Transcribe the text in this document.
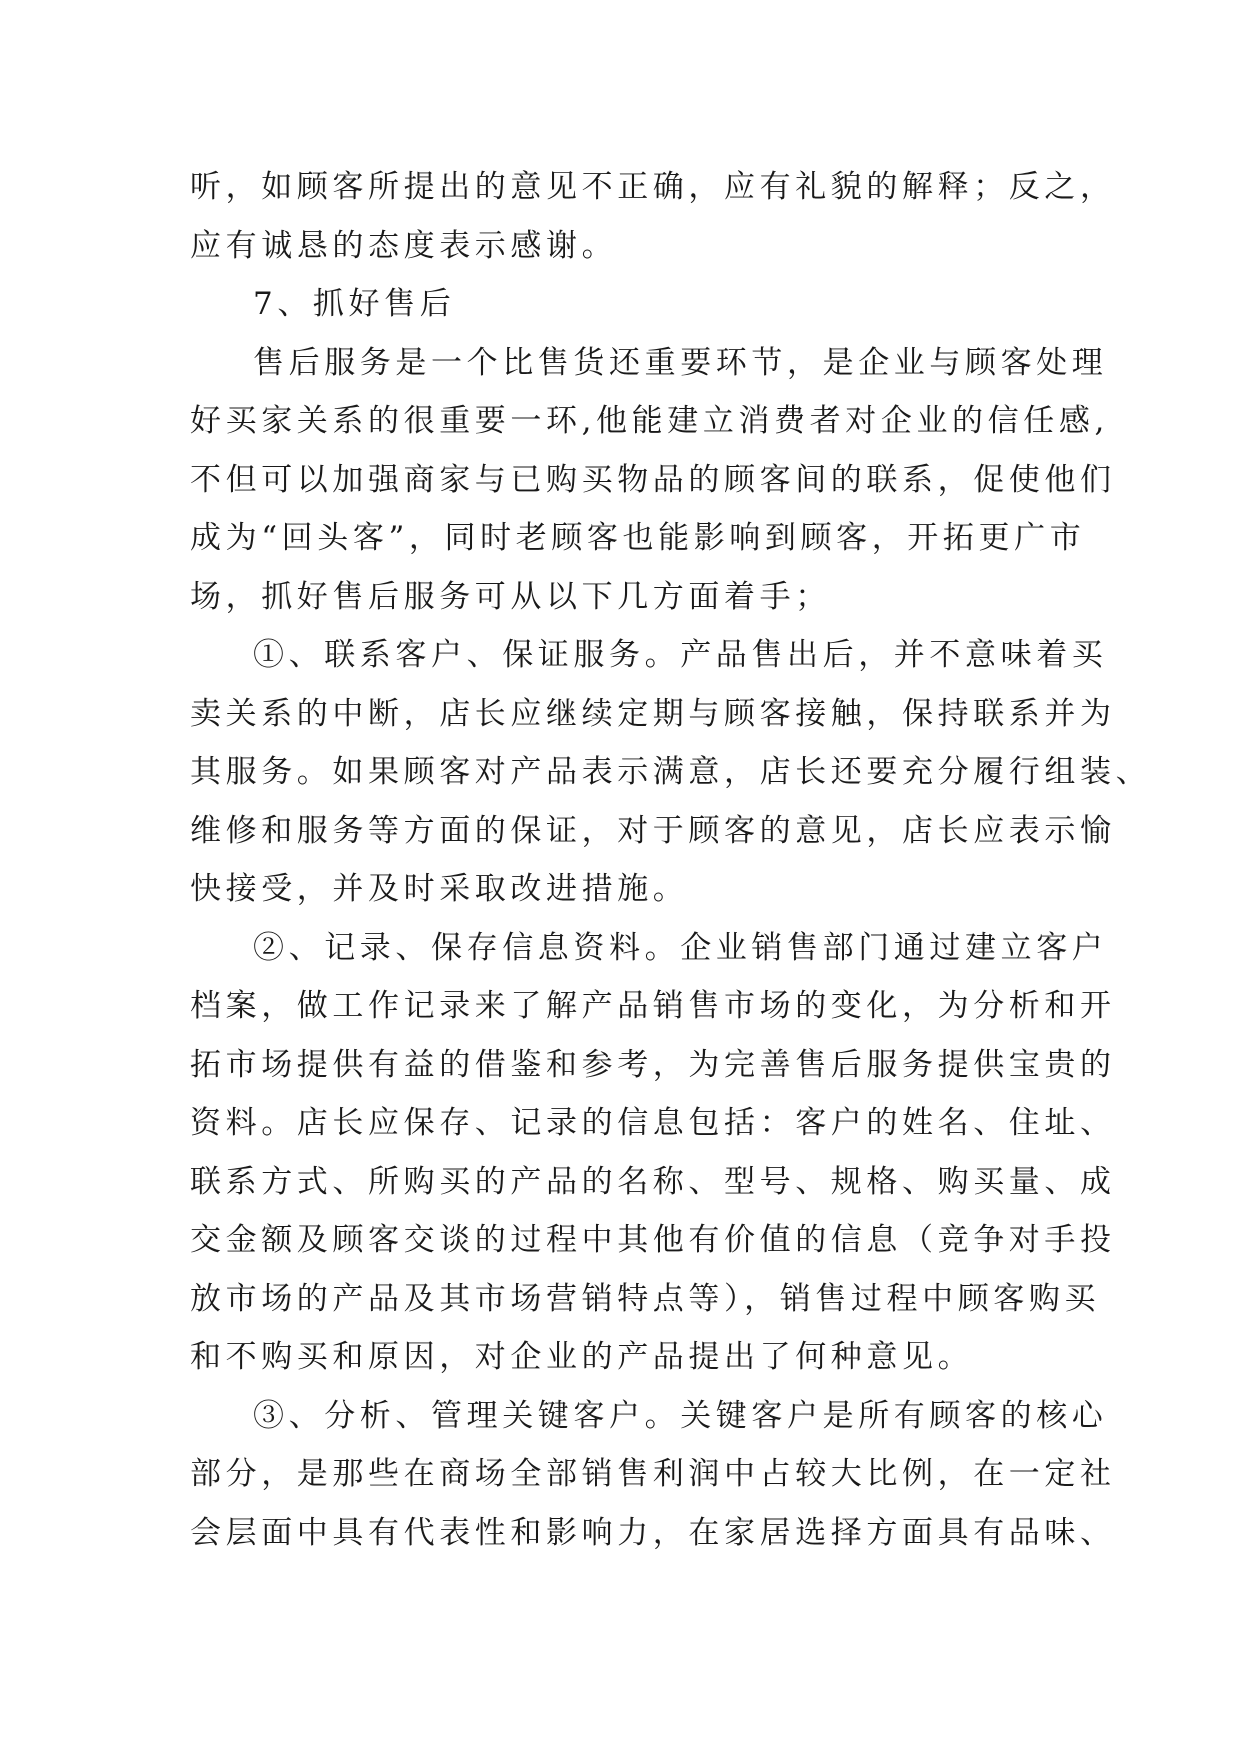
听，如顾客所提出的意见不正确，应有礼貌的解释；反之，
应有诚恳的态度表示感谢。
7、抓好售后
售后服务是一个比售货还重要环节，是企业与顾客处理
好买家关系的很重要一环,他能建立消费者对企业的信任感,
不但可以加强商家与已购买物品的顾客间的联系，促使他们
成为“回头客”，同时老顾客也能影响到顾客，开拓更广市
场，抓好售后服务可从以下几方面着手；
①、联系客户、保证服务。产品售出后，并不意味着买
卖关系的中断，店长应继续定期与顾客接触，保持联系并为
其服务。如果顾客对产品表示满意，店长还要充分履行组装、
维修和服务等方面的保证，对于顾客的意见，店长应表示愉
快接受，并及时采取改进措施。
②、记录、保存信息资料。企业销售部门通过建立客户
档案，做工作记录来了解产品销售市场的变化，为分析和开
拓市场提供有益的借鉴和参考，为完善售后服务提供宝贵的
资料。店长应保存、记录的信息包括：客户的姓名、住址、
联系方式、所购买的产品的名称、型号、规格、购买量、成
交金额及顾客交谈的过程中其他有价值的信息（竞争对手投
放市场的产品及其市场营销特点等），销售过程中顾客购买
和不购买和原因，对企业的产品提出了何种意见。
③、分析、管理关键客户。关键客户是所有顾客的核心
部分，是那些在商场全部销售利润中占较大比例，在一定社
会层面中具有代表性和影响力，在家居选择方面具有品味、
